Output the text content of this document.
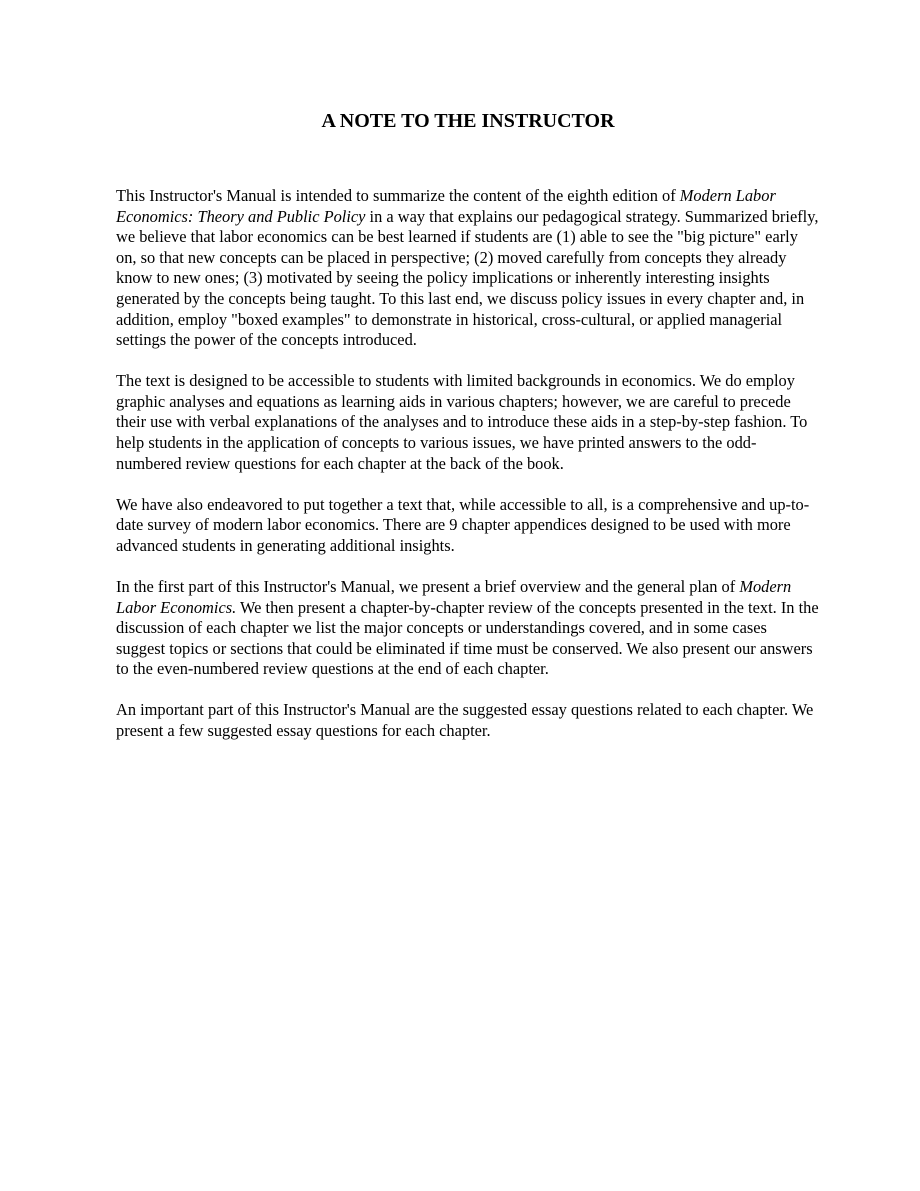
A NOTE TO THE INSTRUCTOR

This Instructor's Manual is intended to summarize the content of the eighth edition of Modern Labor Economics: Theory and Public Policy in a way that explains our pedagogical strategy. Summarized briefly, we believe that labor economics can be best learned if students are (1) able to see the "big picture" early on, so that new concepts can be placed in perspective; (2) moved carefully from concepts they already know to new ones; (3) motivated by seeing the policy implications or inherently interesting insights generated by the concepts being taught. To this last end, we discuss policy issues in every chapter and, in addition, employ "boxed examples" to demonstrate in historical, cross-cultural, or applied managerial settings the power of the concepts introduced.

The text is designed to be accessible to students with limited backgrounds in economics. We do employ graphic analyses and equations as learning aids in various chapters; however, we are careful to precede their use with verbal explanations of the analyses and to introduce these aids in a step-by-step fashion. To help students in the application of concepts to various issues, we have printed answers to the odd-numbered review questions for each chapter at the back of the book.

We have also endeavored to put together a text that, while accessible to all, is a comprehensive and up-to-date survey of modern labor economics. There are 9 chapter appendices designed to be used with more advanced students in generating additional insights.

In the first part of this Instructor's Manual, we present a brief overview and the general plan of Modern Labor Economics. We then present a chapter-by-chapter review of the concepts presented in the text. In the discussion of each chapter we list the major concepts or understandings covered, and in some cases suggest topics or sections that could be eliminated if time must be conserved. We also present our answers to the even-numbered review questions at the end of each chapter.

An important part of this Instructor's Manual are the suggested essay questions related to each chapter. We present a few suggested essay questions for each chapter.
